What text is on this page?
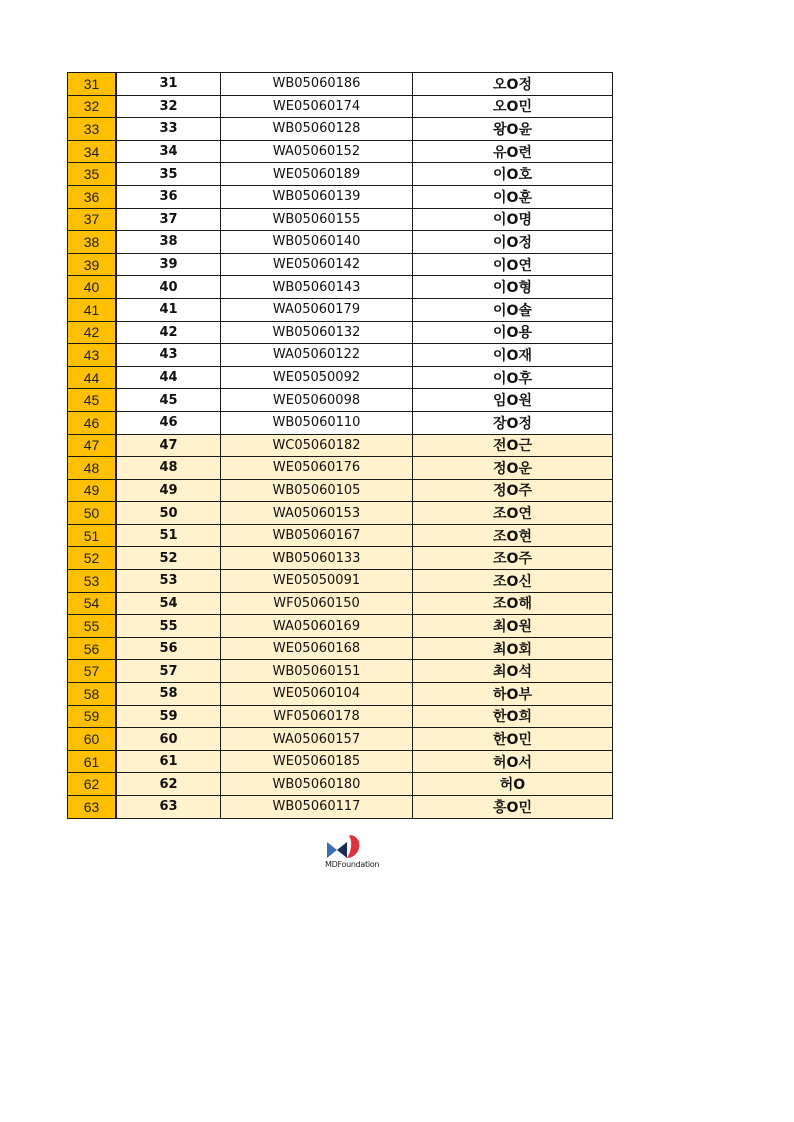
31	31	WB05060186	오O정
32	32	WE05060174	오O민
33	33	WB05060128	왕O윤
34	34	WA05060152	유O련
35	35	WE05060189	이O호
36	36	WB05060139	이O훈
37	37	WB05060155	이O명
38	38	WB05060140	이O정
39	39	WE05060142	이O연
40	40	WB05060143	이O형
41	41	WA05060179	이O솔
42	42	WB05060132	이O용
43	43	WA05060122	이O재
44	44	WE05050092	이O후
45	45	WE05060098	임O원
46	46	WB05060110	장O정
47	47	WC05060182	전O근
48	48	WE05060176	정O운
49	49	WB05060105	정O주
50	50	WA05060153	조O연
51	51	WB05060167	조O현
52	52	WB05060133	조O주
53	53	WE05050091	조O신
54	54	WF05060150	조O해
55	55	WA05060169	최O원
56	56	WE05060168	최O회
57	57	WB05060151	최O석
58	58	WE05060104	하O부
59	59	WF05060178	한O희
60	60	WA05060157	한O민
61	61	WE05060185	허O서
62	62	WB05060180	허O
63	63	WB05060117	홍O민
MDFoundation
